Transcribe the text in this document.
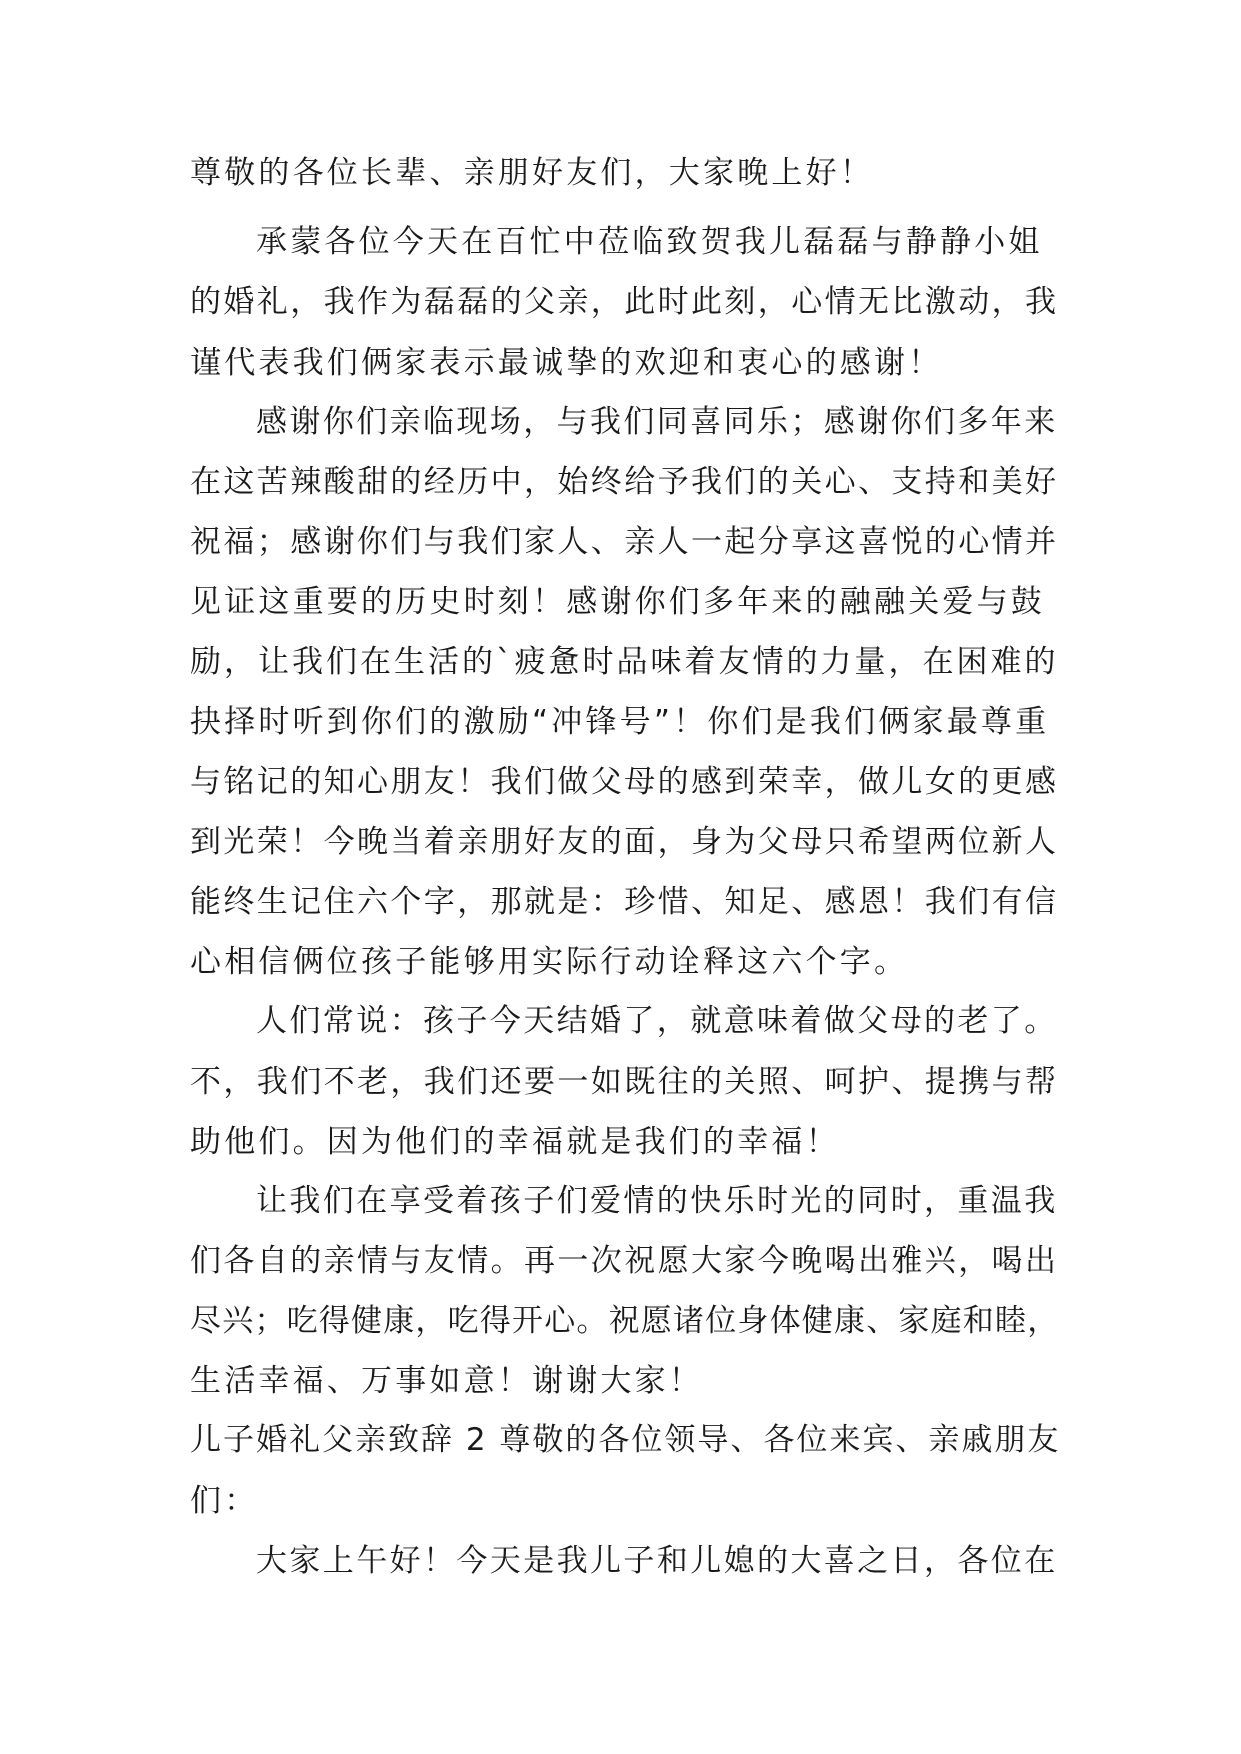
尊敬的各位长辈、亲朋好友们，大家晚上好！
承蒙各位今天在百忙中莅临致贺我儿磊磊与静静小姐
的婚礼，我作为磊磊的父亲，此时此刻，心情无比激动，我
谨代表我们俩家表示最诚挚的欢迎和衷心的感谢！
感谢你们亲临现场，与我们同喜同乐；感谢你们多年来
在这苦辣酸甜的经历中，始终给予我们的关心、支持和美好
祝福；感谢你们与我们家人、亲人一起分享这喜悦的心情并
见证这重要的历史时刻！感谢你们多年来的融融关爱与鼓
励，让我们在生活的`疲惫时品味着友情的力量，在困难的
抉择时听到你们的激励“冲锋号”！你们是我们俩家最尊重
与铭记的知心朋友！我们做父母的感到荣幸，做儿女的更感
到光荣！今晚当着亲朋好友的面，身为父母只希望两位新人
能终生记住六个字，那就是：珍惜、知足、感恩！我们有信
心相信俩位孩子能够用实际行动诠释这六个字。
人们常说：孩子今天结婚了，就意味着做父母的老了。
不，我们不老，我们还要一如既往的关照、呵护、提携与帮
助他们。因为他们的幸福就是我们的幸福！
让我们在享受着孩子们爱情的快乐时光的同时，重温我
们各自的亲情与友情。再一次祝愿大家今晚喝出雅兴，喝出
尽兴；吃得健康，吃得开心。祝愿诸位身体健康、家庭和睦，
生活幸福、万事如意！谢谢大家！
儿子婚礼父亲致辞 2 尊敬的各位领导、各位来宾、亲戚朋友
们：
大家上午好！今天是我儿子和儿媳的大喜之日，各位在
